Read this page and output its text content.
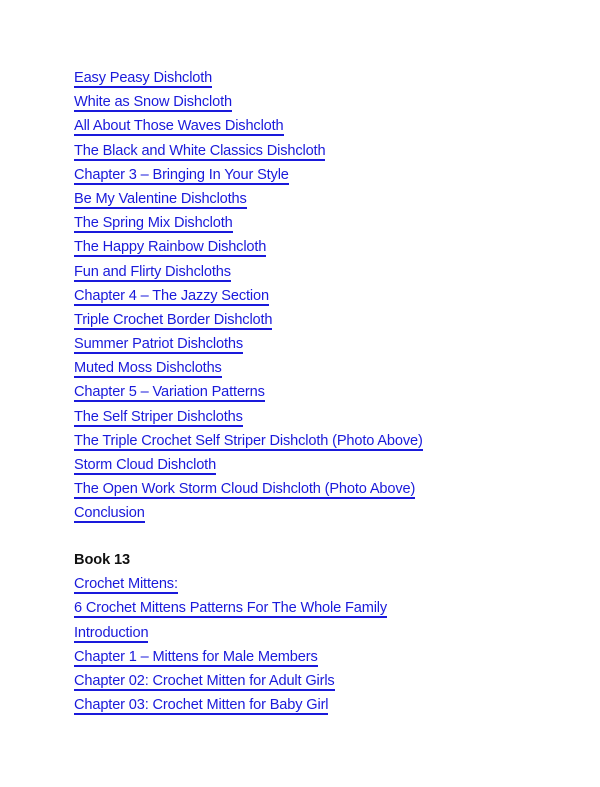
Easy Peasy Dishcloth
White as Snow Dishcloth
All About Those Waves Dishcloth
The Black and White Classics Dishcloth
Chapter 3 – Bringing In Your Style
Be My Valentine Dishcloths
The Spring Mix Dishcloth
The Happy Rainbow Dishcloth
Fun and Flirty Dishcloths
Chapter 4 – The Jazzy Section
Triple Crochet Border Dishcloth
Summer Patriot Dishcloths
Muted Moss Dishcloths
Chapter 5 – Variation Patterns
The Self Striper Dishcloths
The Triple Crochet Self Striper Dishcloth (Photo Above)
Storm Cloud Dishcloth
The Open Work Storm Cloud Dishcloth (Photo Above)
Conclusion
Book 13
Crochet Mittens:
6 Crochet Mittens Patterns For The Whole Family
Introduction
Chapter 1 – Mittens for Male Members
Chapter 02: Crochet Mitten for Adult Girls
Chapter 03: Crochet Mitten for Baby Girl
